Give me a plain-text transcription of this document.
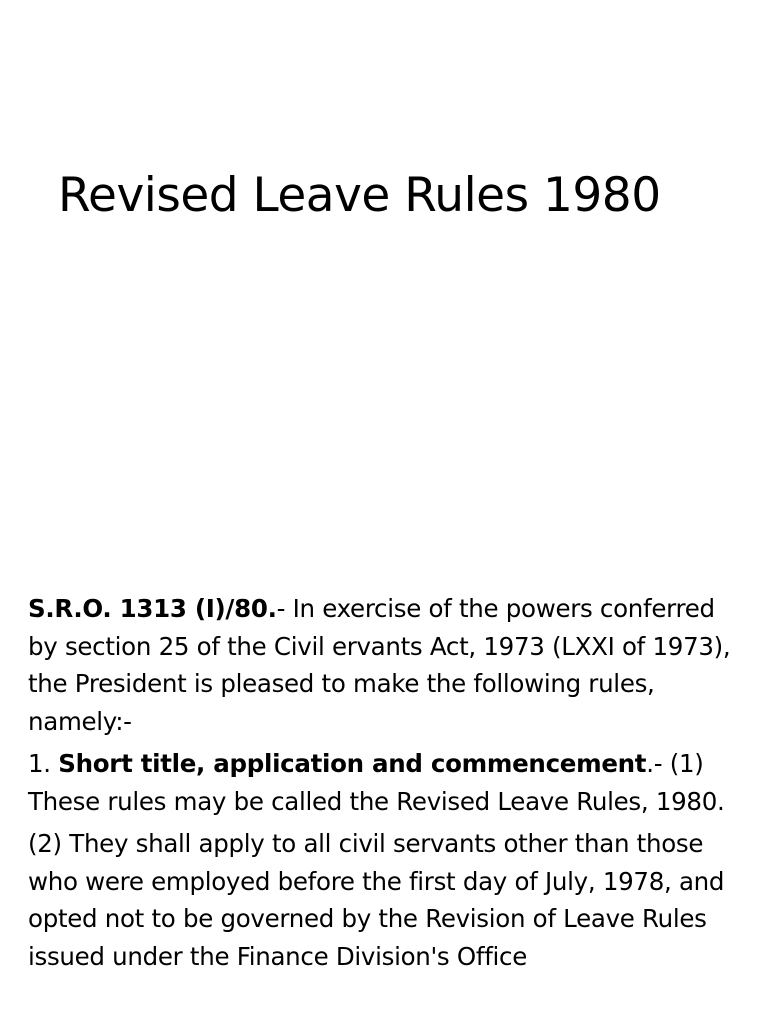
Revised Leave Rules 1980

S.R.O. 1313 (I)/80.- In exercise of the powers conferred by section 25 of the Civil ervants Act, 1973 (LXXI of 1973), the President is pleased to make the following rules, namely:-

1. Short title, application and commencement.- (1) These rules may be called the Revised Leave Rules, 1980.

(2) They shall apply to all civil servants other than those who were employed before the first day of July, 1978, and opted not to be governed by the Revision of Leave Rules issued under the Finance Division's Office
